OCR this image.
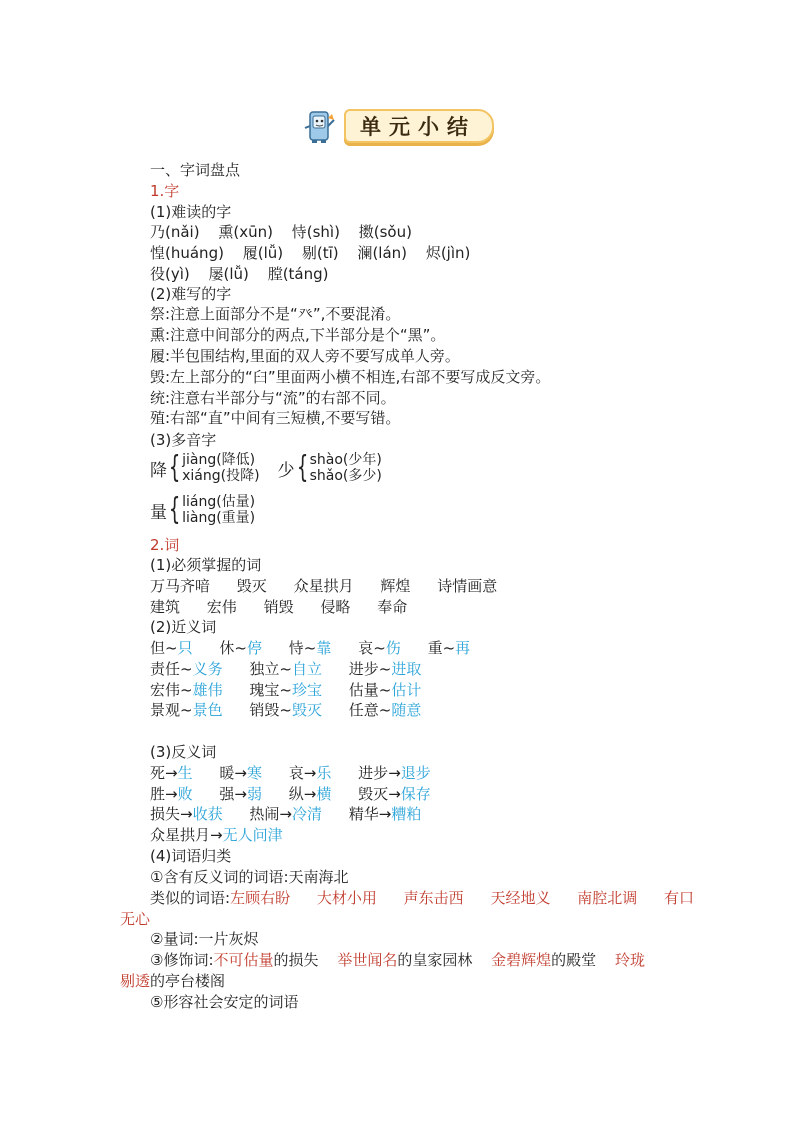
单元小结
一、字词盘点
1.字
(1)难读的字
乃(nǎi) 熏(xūn) 恃(shì) 擞(sǒu)
惶(huáng) 履(lǚ) 剔(tī) 澜(lán) 烬(jìn)
役(yì) 屡(lǚ) 膛(táng)
(2)难写的字
祭:注意上面部分不是“癶”,不要混淆。
熏:注意中间部分的两点,下半部分是个“黑”。
履:半包围结构,里面的双人旁不要写成单人旁。
毁:左上部分的“臼”里面两小横不相连,右部不要写成反文旁。
统:注意右半部分与“流”的右部不同。
殖:右部“直”中间有三短横,不要写错。
(3)多音字
降 { jiàng(降低)
xiáng(投降) 少 { shào(少年)
shǎo(多少)
量 { liáng(估量)
liàng(重量)
2.词
(1)必须掌握的词
万马齐喑 毁灭 众星拱月 辉煌 诗情画意
建筑 宏伟 销毁 侵略 奉命
(2)近义词
但~只 休~停 恃~靠 哀~伤 重~再
责任~义务 独立~自立 进步~进取
宏伟~雄伟 瑰宝~珍宝 估量~估计
景观~景色 销毁~毁灭 任意~随意
(3)反义词
死→生 暖→寒 哀→乐 进步→退步
胜→败 强→弱 纵→横 毁灭→保存
损失→收获 热闹→冷清 精华→糟粕
众星拱月→无人问津
(4)词语归类
①含有反义词的词语:天南海北
类似的词语:左顾右盼 大材小用 声东击西 天经地义 南腔北调 有口
无心
②量词:一片灰烬
③修饰词:不可估量的损失 举世闻名的皇家园林 金碧辉煌的殿堂 玲珑
剔透的亭台楼阁
⑤形容社会安定的词语
